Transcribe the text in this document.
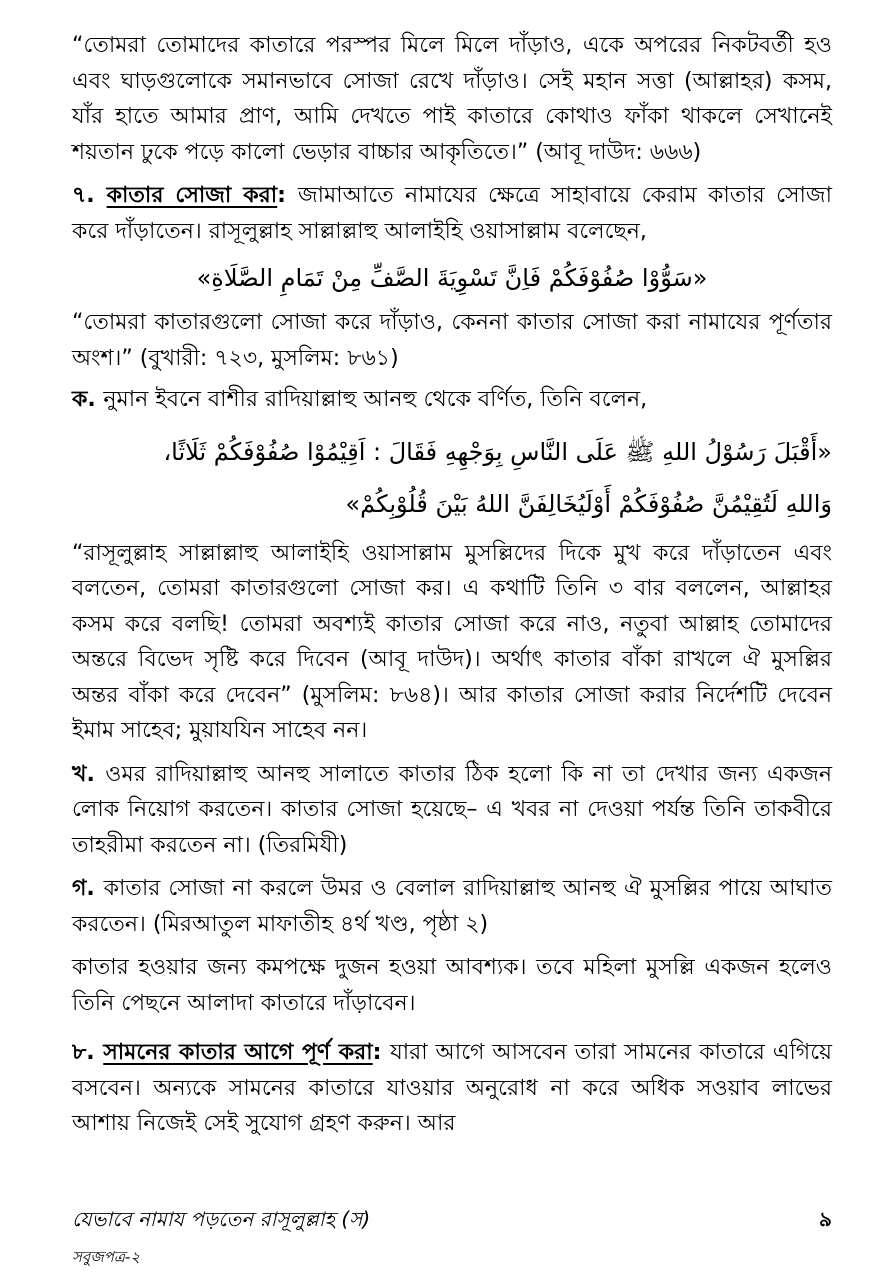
“তোমরা তোমাদের কাতারে পরস্পর মিলে মিলে দাঁড়াও, একে অপরের নিকটবর্তী হও এবং ঘাড়গুলোকে সমানভাবে সোজা রেখে দাঁড়াও। সেই মহান সত্তা (আল্লাহর) কসম, যাঁর হাতে আমার প্রাণ, আমি দেখতে পাই কাতারে কোথাও ফাঁকা থাকলে সেখানেই শয়তান ঢুকে পড়ে কালো ভেড়ার বাচ্চার আকৃতিতে।” (আবূ দাউদ: ৬৬৬)

৭. কাতার সোজা করা: জামাআতে নামাযের ক্ষেত্রে সাহাবায়ে কেরাম কাতার সোজা করে দাঁড়াতেন। রাসূলুল্লাহ সাল্লাল্লাহু আলাইহি ওয়াসাল্লাম বলেছেন,

«سَوُّوْا صُفُوْفَكُمْ فَاِنَّ تَسْوِيَةَ الصَّفِّ مِنْ تَمَامِ الصَّلَاةِ»

“তোমরা কাতারগুলো সোজা করে দাঁড়াও, কেননা কাতার সোজা করা নামাযের পূর্ণতার অংশ।” (বুখারী: ৭২৩, মুসলিম: ৮৬১)

ক. নুমান ইবনে বাশীর রাদিয়াল্লাহু আনহু থেকে বর্ণিত, তিনি বলেন,

«أَقْبَلَ رَسُوْلُ اللهِ ﷺ عَلَى النَّاسِ بِوَجْهِهِ فَقَالَ : اَقِيْمُوْا صُفُوْفَكُمْ ثَلَاثًا،
وَاللهِ لَتُقِيْمُنَّ صُفُوْفَكُمْ أَوْلَيُخَالِفَنَّ اللهُ بَيْنَ قُلُوْبِكُمْ»

“রাসূলুল্লাহ সাল্লাল্লাহু আলাইহি ওয়াসাল্লাম মুসল্লিদের দিকে মুখ করে দাঁড়াতেন এবং বলতেন, তোমরা কাতারগুলো সোজা কর। এ কথাটি তিনি ৩ বার বললেন, আল্লাহর কসম করে বলছি! তোমরা অবশ্যই কাতার সোজা করে নাও, নতুবা আল্লাহ তোমাদের অন্তরে বিভেদ সৃষ্টি করে দিবেন (আবূ দাউদ)। অর্থাৎ কাতার বাঁকা রাখলে ঐ মুসল্লির অন্তর বাঁকা করে দেবেন” (মুসলিম: ৮৬৪)। আর কাতার সোজা করার নির্দেশটি দেবেন ইমাম সাহেব; মুয়াযযিন সাহেব নন।

খ. ওমর রাদিয়াল্লাহু আনহু সালাতে কাতার ঠিক হলো কি না তা দেখার জন্য একজন লোক নিয়োগ করতেন। কাতার সোজা হয়েছে– এ খবর না দেওয়া পর্যন্ত তিনি তাকবীরে তাহরীমা করতেন না। (তিরমিযী)

গ. কাতার সোজা না করলে উমর ও বেলাল রাদিয়াল্লাহু আনহু ঐ মুসল্লির পায়ে আঘাত করতেন। (মিরআতুল মাফাতীহ ৪র্থ খণ্ড, পৃষ্ঠা ২)

কাতার হওয়ার জন্য কমপক্ষে দুজন হওয়া আবশ্যক। তবে মহিলা মুসল্লি একজন হলেও তিনি পেছনে আলাদা কাতারে দাঁড়াবেন।

৮. সামনের কাতার আগে পূর্ণ করা: যারা আগে আসবেন তারা সামনের কাতারে এগিয়ে বসবেন। অন্যকে সামনের কাতারে যাওয়ার অনুরোধ না করে অধিক সওয়াব লাভের আশায় নিজেই সেই সুযোগ গ্রহণ করুন। আর

যেভাবে নামায পড়তেন রাসূলুল্লাহ (স)	৯
সবুজপত্র-২
